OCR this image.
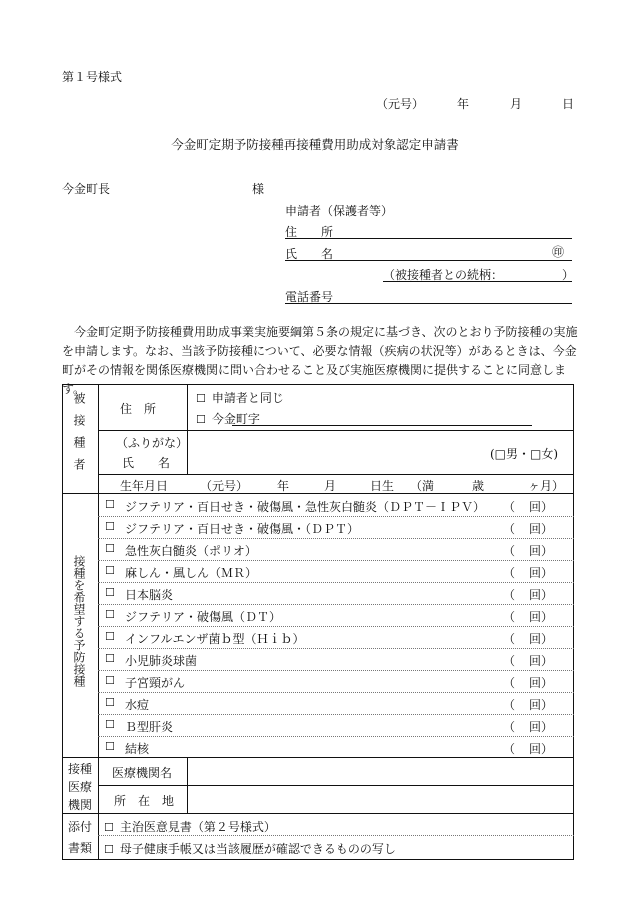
第１号様式
（元号）	年	月	日
今金町定期予防接種再接種費用助成対象認定申請書
今金町長	様
申請者（保護者等）
住　　所
氏　　名	㊞
（被接種者との続柄：	）
電話番号
今金町定期予防接種費用助成事業実施要綱第５条の規定に基づき、次のとおり予防接種の実施を申請します。なお、当該予防接種について、必要な情報（疾病の状況等）があるときは、今金町がその情報を関係医療機関に問い合わせること及び実施医療機関に提供することに同意します。
被接種者	住　所
☐ 申請者と同じ
☐ 今金町字
（ふりがな）
氏　　名
(□男・□女)
生年月日	（元号） 年	月	日生 （満	歳	ヶ月）
接種を希望する予防接種
☐ ジフテリア・百日せき・破傷風・急性灰白髄炎（ＤＰＴ－ＩＰＶ） （ 回）
☐ ジフテリア・百日せき・破傷風・（ＤＰＴ）	（ 回）
☐ 急性灰白髄炎（ポリオ）	（ 回）
☐ 麻しん・風しん（ＭＲ）	（ 回）
☐ 日本脳炎	（ 回）
☐ ジフテリア・破傷風（ＤＴ）	（ 回）
☐ インフルエンザ菌ｂ型（Ｈｉｂ）	（ 回）
☐ 小児肺炎球菌	（ 回）
☐ 子宮頸がん	（ 回）
☐ 水痘	（ 回）
☐ Ｂ型肝炎	（ 回）
☐ 結核	（ 回）
接種
医療
機関
医療機関名
所　在　地
添付
書類
☐ 主治医意見書（第２号様式）
☐ 母子健康手帳又は当該履歴が確認できるものの写し
